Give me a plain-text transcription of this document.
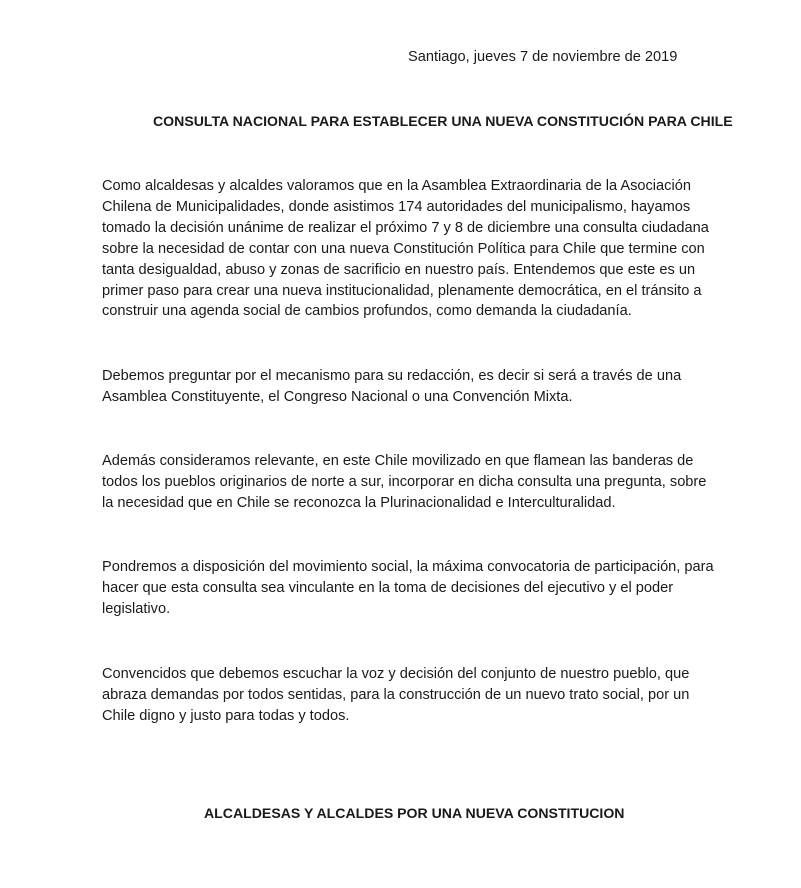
Santiago, jueves 7 de noviembre de 2019
CONSULTA NACIONAL PARA ESTABLECER UNA NUEVA CONSTITUCIÓN PARA CHILE
Como alcaldesas y alcaldes valoramos que en la Asamblea Extraordinaria de la Asociación
Chilena de Municipalidades, donde asistimos 174 autoridades del municipalismo, hayamos
tomado la decisión unánime de realizar el próximo 7 y 8 de diciembre una consulta ciudadana
sobre la necesidad de contar con una nueva Constitución Política para Chile que termine con
tanta desigualdad, abuso y zonas de sacrificio en nuestro país. Entendemos que este es un
primer paso para crear una nueva institucionalidad, plenamente democrática, en el tránsito a
construir una agenda social de cambios profundos, como demanda la ciudadanía.
Debemos preguntar por el mecanismo para su redacción, es decir si será a través de una
Asamblea Constituyente, el Congreso Nacional o una Convención Mixta.
Además consideramos relevante, en este Chile movilizado en que flamean las banderas de
todos los pueblos originarios de norte a sur, incorporar en dicha consulta una pregunta, sobre
la necesidad que en Chile se reconozca la Plurinacionalidad e Interculturalidad.
Pondremos a disposición del movimiento social, la máxima convocatoria de participación, para
hacer que esta consulta sea vinculante en la toma de decisiones del ejecutivo y el poder
legislativo.
Convencidos que debemos escuchar la voz y decisión del conjunto de nuestro pueblo, que
abraza demandas por todos sentidas, para la construcción de un nuevo trato social, por un
Chile digno y justo para todas y todos.
ALCALDESAS Y ALCALDES POR UNA NUEVA CONSTITUCION
